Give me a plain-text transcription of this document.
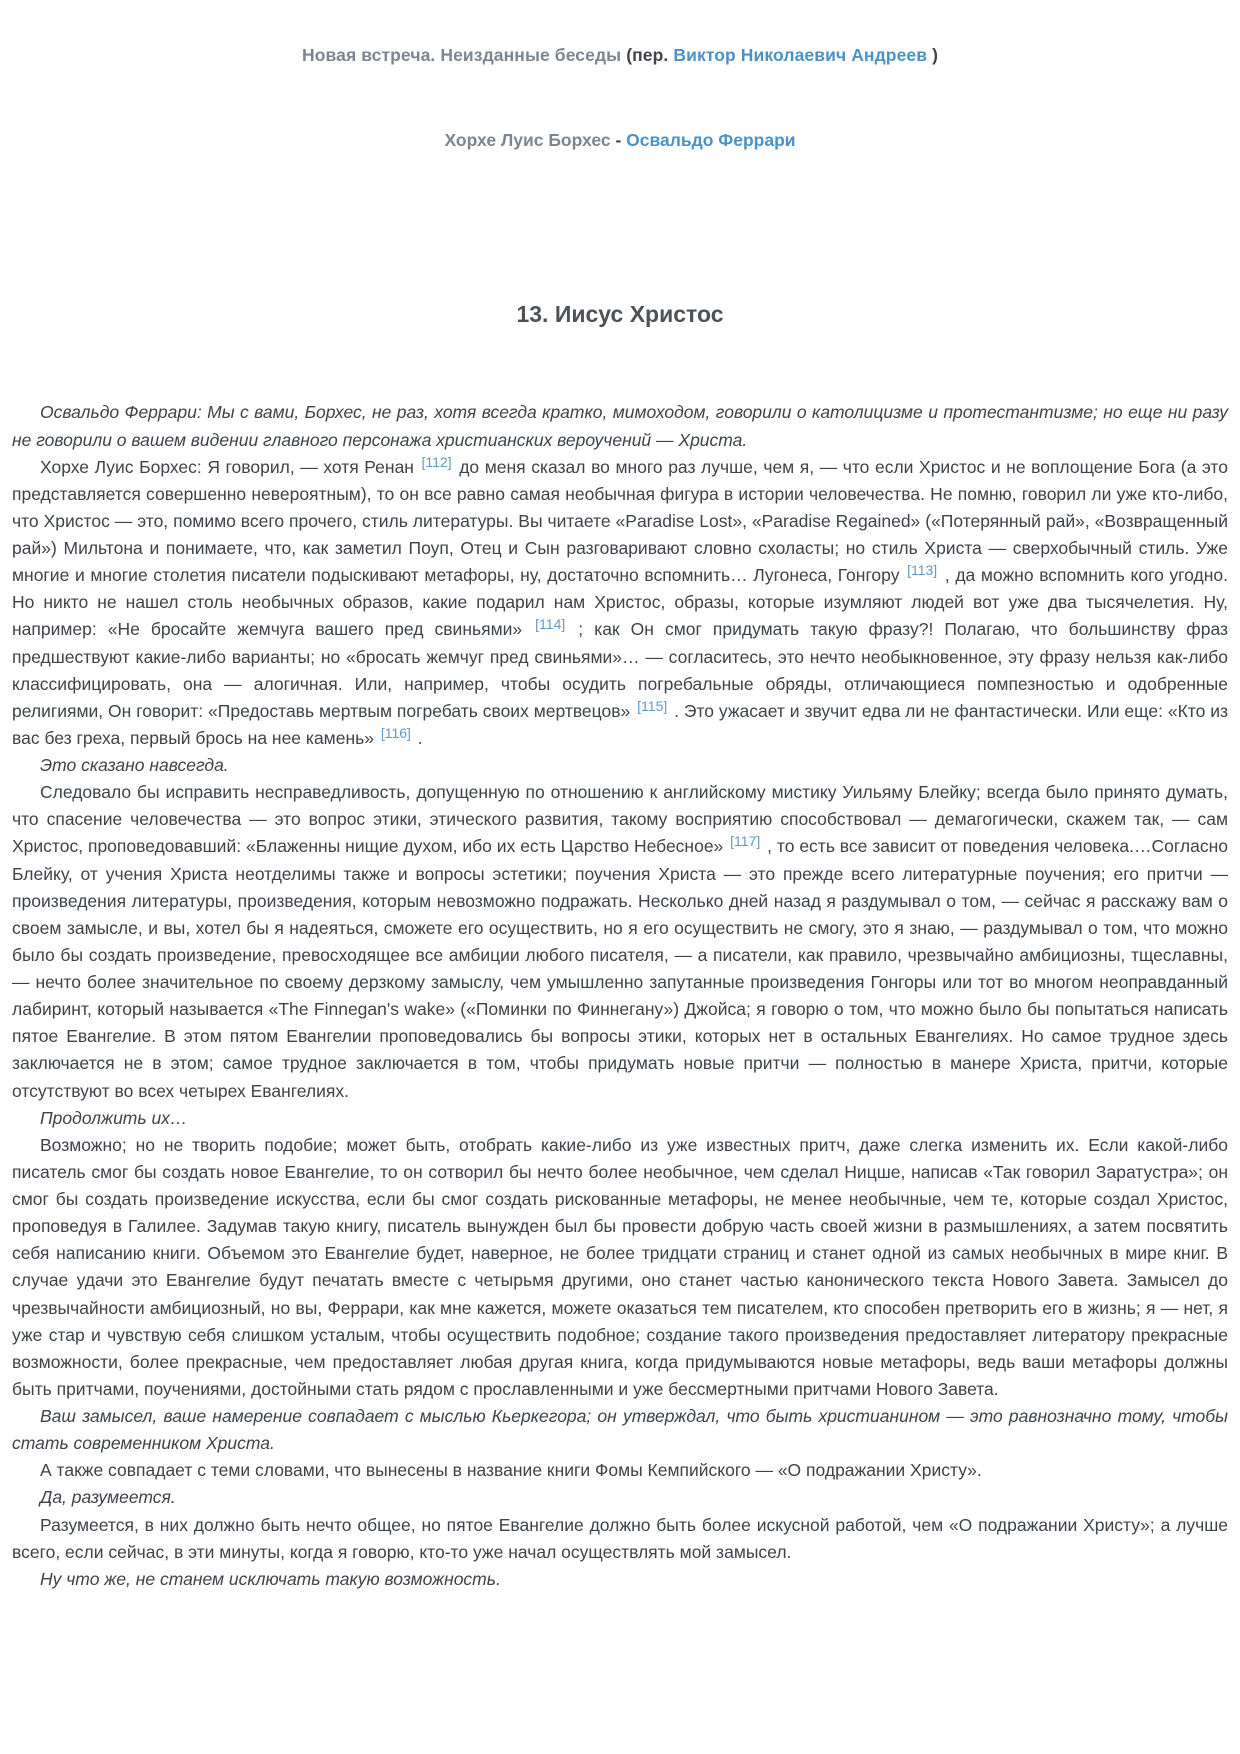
Новая встреча. Неизданные беседы (пер. Виктор Николаевич Андреев )
Хорхе Луис Борхес - Освальдо Феррари
13. Иисус Христос

Освальдо Феррари: Мы с вами, Борхес, не раз, хотя всегда кратко, мимоходом, говорили о католицизме и протестантизме; но еще ни разу не говорили о вашем видении главного персонажа христианских вероучений — Христа.

Хорхе Луис Борхес: Я говорил, — хотя Ренан [112] до меня сказал во много раз лучше, чем я, — что если Христос и не воплощение Бога (а это представляется совершенно невероятным), то он все равно самая необычная фигура в истории человечества. Не помню, говорил ли уже кто-либо, что Христос — это, помимо всего прочего, стиль литературы. Вы читаете «Paradise Lost», «Paradise Regained» («Потерянный рай», «Возвращенный рай») Мильтона и понимаете, что, как заметил Поуп, Отец и Сын разговаривают словно схоласты; но стиль Христа — сверхобычный стиль. Уже многие и многие столетия писатели подыскивают метафоры, ну, достаточно вспомнить… Лугонеса, Гонгору [113] , да можно вспомнить кого угодно. Но никто не нашел столь необычных образов, какие подарил нам Христос, образы, которые изумляют людей вот уже два тысячелетия. Ну, например: «Не бросайте жемчуга вашего пред свиньями» [114] ; как Он смог придумать такую фразу?! Полагаю, что большинству фраз предшествуют какие-либо варианты; но «бросать жемчуг пред свиньями»… — согласитесь, это нечто необыкновенное, эту фразу нельзя как-либо классифицировать, она — алогичная. Или, например, чтобы осудить погребальные обряды, отличающиеся помпезностью и одобренные религиями, Он говорит: «Предоставь мертвым погребать своих мертвецов» [115] . Это ужасает и звучит едва ли не фантастически. Или еще: «Кто из вас без греха, первый брось на нее камень» [116] .

Это сказано навсегда.

Следовало бы исправить несправедливость, допущенную по отношению к английскому мистику Уильяму Блейку; всегда было принято думать, что спасение человечества — это вопрос этики, этического развития, такому восприятию способствовал — демагогически, скажем так, — сам Христос, проповедовавший: «Блаженны нищие духом, ибо их есть Царство Небесное» [117] , то есть все зависит от поведения человека.…Согласно Блейку, от учения Христа неотделимы также и вопросы эстетики; поучения Христа — это прежде всего литературные поучения; его притчи — произведения литературы, произведения, которым невозможно подражать. Несколько дней назад я раздумывал о том, — сейчас я расскажу вам о своем замысле, и вы, хотел бы я надеяться, сможете его осуществить, но я его осуществить не смогу, это я знаю, — раздумывал о том, что можно было бы создать произведение, превосходящее все амбиции любого писателя, — а писатели, как правило, чрезвычайно амбициозны, тщеславны, — нечто более значительное по своему дерзкому замыслу, чем умышленно запутанные произведения Гонгоры или тот во многом неоправданный лабиринт, который называется «The Finnegan's wake» («Поминки по Финнегану») Джойса; я говорю о том, что можно было бы попытаться написать пятое Евангелие. В этом пятом Евангелии проповедовались бы вопросы этики, которых нет в остальных Евангелиях. Но самое трудное здесь заключается не в этом; самое трудное заключается в том, чтобы придумать новые притчи — полностью в манере Христа, притчи, которые отсутствуют во всех четырех Евангелиях.

Продолжить их…

Возможно; но не творить подобие; может быть, отобрать какие-либо из уже известных притч, даже слегка изменить их. Если какой-либо писатель смог бы создать новое Евангелие, то он сотворил бы нечто более необычное, чем сделал Ницше, написав «Так говорил Заратустра»; он смог бы создать произведение искусства, если бы смог создать рискованные метафоры, не менее необычные, чем те, которые создал Христос, проповедуя в Галилее. Задумав такую книгу, писатель вынужден был бы провести добрую часть своей жизни в размышлениях, а затем посвятить себя написанию книги. Объемом это Евангелие будет, наверное, не более тридцати страниц и станет одной из самых необычных в мире книг. В случае удачи это Евангелие будут печатать вместе с четырьмя другими, оно станет частью канонического текста Нового Завета. Замысел до чрезвычайности амбициозный, но вы, Феррари, как мне кажется, можете оказаться тем писателем, кто способен претворить его в жизнь; я — нет, я уже стар и чувствую себя слишком усталым, чтобы осуществить подобное; создание такого произведения предоставляет литератору прекрасные возможности, более прекрасные, чем предоставляет любая другая книга, когда придумываются новые метафоры, ведь ваши метафоры должны быть притчами, поучениями, достойными стать рядом с прославленными и уже бессмертными притчами Нового Завета.

Ваш замысел, ваше намерение совпадает с мыслью Кьеркегора; он утверждал, что быть христианином — это равнозначно тому, чтобы стать современником Христа.

А также совпадает с теми словами, что вынесены в название книги Фомы Кемпийского — «О подражании Христу».

Да, разумеется.

Разумеется, в них должно быть нечто общее, но пятое Евангелие должно быть более искусной работой, чем «О подражании Христу»; а лучше всего, если сейчас, в эти минуты, когда я говорю, кто-то уже начал осуществлять мой замысел.

Ну что же, не станем исключать такую возможность.
